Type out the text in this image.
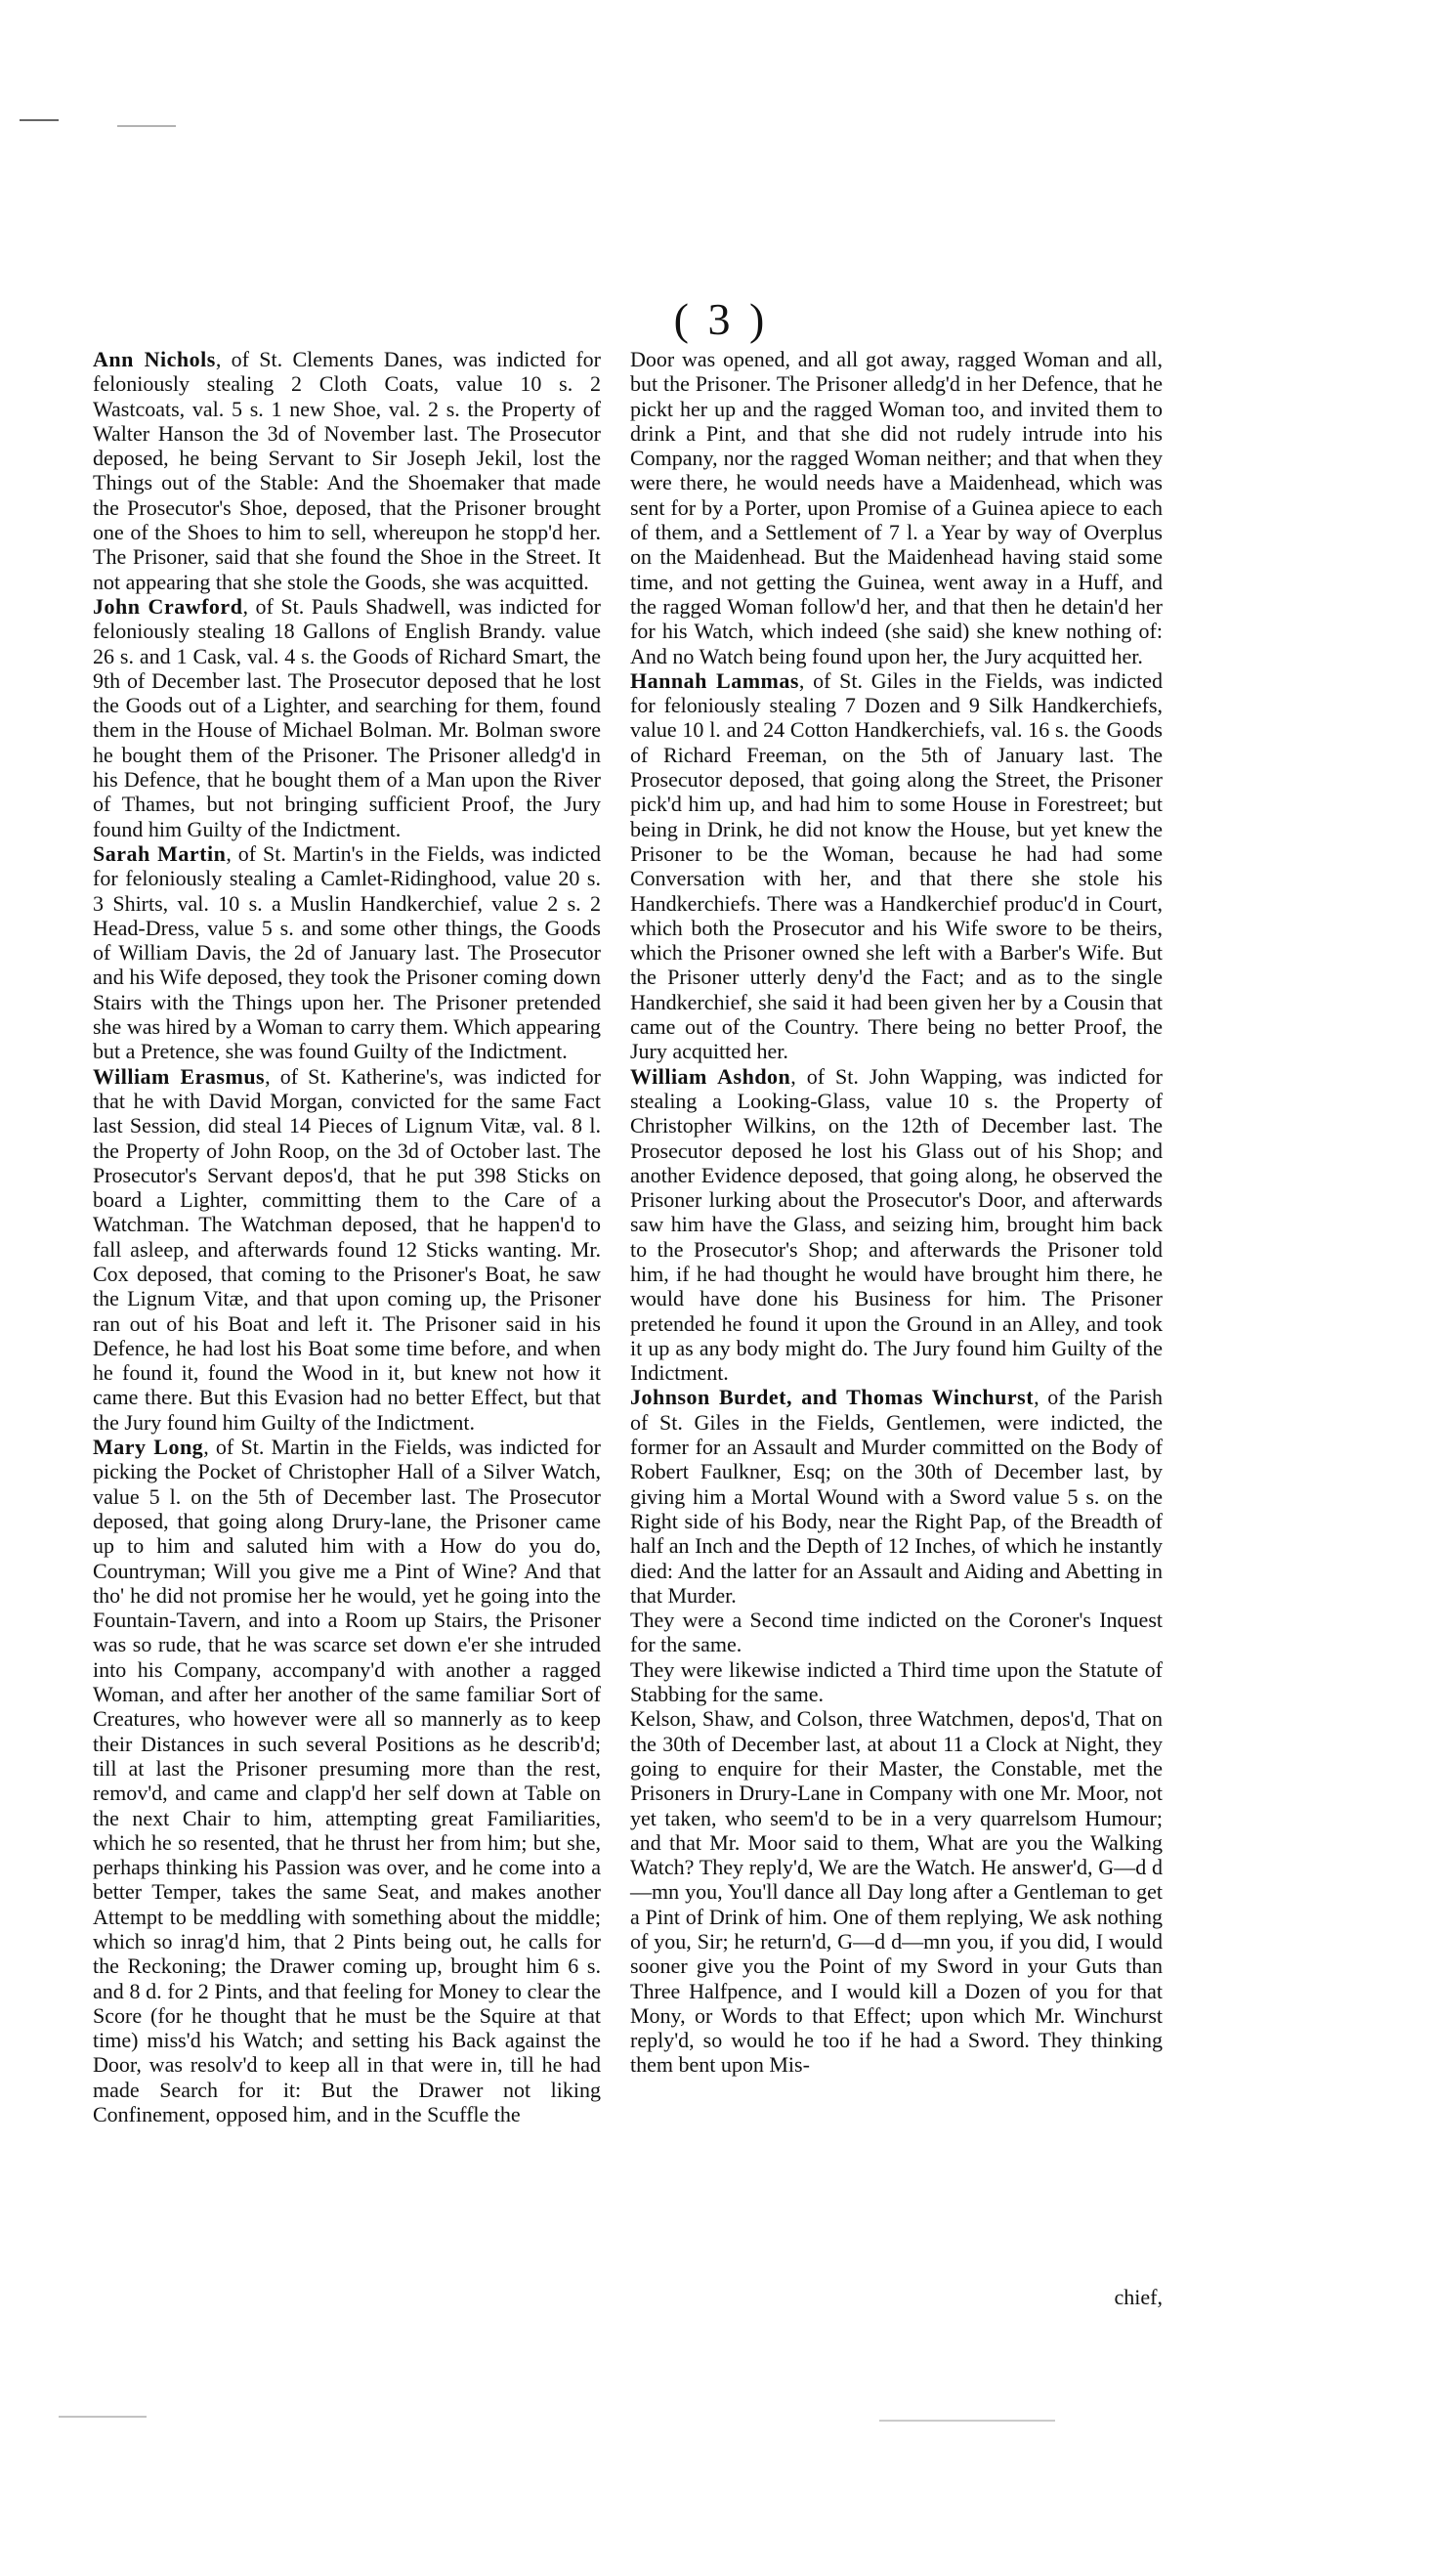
( 3 )

Ann Nichols, of St. Clements Danes, was indicted for feloniously stealing 2 Cloth Coats, value 10 s. 2 Wastcoats, val. 5 s. 1 new Shoe, val. 2 s. the Property of Walter Hanson the 3d of November last. The Prosecutor deposed, he being Servant to Sir Joseph Jekil, lost the Things out of the Stable: And the Shoemaker that made the Prosecutor's Shoe, deposed, that the Prisoner brought one of the Shoes to him to sell, whereupon he stopp'd her. The Prisoner, said that she found the Shoe in the Street. It not appearing that she stole the Goods, she was acquitted.

John Crawford, of St. Pauls Shadwell, was indicted for feloniously stealing 18 Gallons of English Brandy. value 26 s. and 1 Cask, val. 4 s. the Goods of Richard Smart, the 9th of December last. The Prosecutor deposed that he lost the Goods out of a Lighter, and searching for them, found them in the House of Michael Bolman. Mr. Bolman swore he bought them of the Prisoner. The Prisoner alledg'd in his Defence, that he bought them of a Man upon the River of Thames, but not bringing sufficient Proof, the Jury found him Guilty of the Indictment.

Sarah Martin, of St. Martin's in the Fields, was indicted for feloniously stealing a Camlet-Ridinghood, value 20 s. 3 Shirts, val. 10 s. a Muslin Handkerchief, value 2 s. 2 Head-Dress, value 5 s. and some other things, the Goods of William Davis, the 2d of January last. The Prosecutor and his Wife deposed, they took the Prisoner coming down Stairs with the Things upon her. The Prisoner pretended she was hired by a Woman to carry them. Which appearing but a Pretence, she was found Guilty of the Indictment.

William Erasmus, of St. Katherine's, was indicted for that he with David Morgan, convicted for the same Fact last Session, did steal 14 Pieces of Lignum Vitæ, val. 8 l. the Property of John Roop, on the 3d of October last. The Prosecutor's Servant depos'd, that he put 398 Sticks on board a Lighter, committing them to the Care of a Watchman. The Watchman deposed, that he happen'd to fall asleep, and afterwards found 12 Sticks wanting. Mr. Cox deposed, that coming to the Prisoner's Boat, he saw the Lignum Vitæ, and that upon coming up, the Prisoner ran out of his Boat and left it. The Prisoner said in his Defence, he had lost his Boat some time before, and when he found it, found the Wood in it, but knew not how it came there. But this Evasion had no better Effect, but that the Jury found him Guilty of the Indictment.

Mary Long, of St. Martin in the Fields, was indicted for picking the Pocket of Christopher Hall of a Silver Watch, value 5 l. on the 5th of December last. The Prosecutor deposed, that going along Drury-lane, the Prisoner came up to him and saluted him with a How do you do, Countryman; Will you give me a Pint of Wine? And that tho' he did not promise her he would, yet he going into the Fountain-Tavern, and into a Room up Stairs, the Prisoner was so rude, that he was scarce set down e'er she intruded into his Company, accompany'd with another a ragged Woman, and after her another of the same familiar Sort of Creatures, who however were all so mannerly as to keep their Distances in such several Positions as he describ'd; till at last the Prisoner presuming more than the rest, remov'd, and came and clapp'd her self down at Table on the next Chair to him, attempting great Familiarities, which he so resented, that he thrust her from him; but she, perhaps thinking his Passion was over, and he come into a better Temper, takes the same Seat, and makes another Attempt to be meddling with something about the middle; which so inrag'd him, that 2 Pints being out, he calls for the Reckoning; the Drawer coming up, brought him 6 s. and 8 d. for 2 Pints, and that feeling for Money to clear the Score (for he thought that he must be the Squire at that time) miss'd his Watch; and setting his Back against the Door, was resolv'd to keep all in that were in, till he had made Search for it: But the Drawer not liking Confinement, opposed him, and in the Scuffle the

Door was opened, and all got away, ragged Woman and all, but the Prisoner. The Prisoner alledg'd in her Defence, that he pickt her up and the ragged Woman too, and invited them to drink a Pint, and that she did not rudely intrude into his Company, nor the ragged Woman neither; and that when they were there, he would needs have a Maidenhead, which was sent for by a Porter, upon Promise of a Guinea apiece to each of them, and a Settlement of 7 l. a Year by way of Overplus on the Maidenhead. But the Maidenhead having staid some time, and not getting the Guinea, went away in a Huff, and the ragged Woman follow'd her, and that then he detain'd her for his Watch, which indeed (she said) she knew nothing of: And no Watch being found upon her, the Jury acquitted her.

Hannah Lammas, of St. Giles in the Fields, was indicted for feloniously stealing 7 Dozen and 9 Silk Handkerchiefs, value 10 l. and 24 Cotton Handkerchiefs, val. 16 s. the Goods of Richard Freeman, on the 5th of January last. The Prosecutor deposed, that going along the Street, the Prisoner pick'd him up, and had him to some House in Forestreet; but being in Drink, he did not know the House, but yet knew the Prisoner to be the Woman, because he had had some Conversation with her, and that there she stole his Handkerchiefs. There was a Handkerchief produc'd in Court, which both the Prosecutor and his Wife swore to be theirs, which the Prisoner owned she left with a Barber's Wife. But the Prisoner utterly deny'd the Fact; and as to the single Handkerchief, she said it had been given her by a Cousin that came out of the Country. There being no better Proof, the Jury acquitted her.

William Ashdon, of St. John Wapping, was indicted for stealing a Looking-Glass, value 10 s. the Property of Christopher Wilkins, on the 12th of December last. The Prosecutor deposed he lost his Glass out of his Shop; and another Evidence deposed, that going along, he observed the Prisoner lurking about the Prosecutor's Door, and afterwards saw him have the Glass, and seizing him, brought him back to the Prosecutor's Shop; and afterwards the Prisoner told him, if he had thought he would have brought him there, he would have done his Business for him. The Prisoner pretended he found it upon the Ground in an Alley, and took it up as any body might do. The Jury found him Guilty of the Indictment.

Johnson Burdet, and Thomas Winchurst, of the Parish of St. Giles in the Fields, Gentlemen, were indicted, the former for an Assault and Murder committed on the Body of Robert Faulkner, Esq; on the 30th of December last, by giving him a Mortal Wound with a Sword value 5 s. on the Right side of his Body, near the Right Pap, of the Breadth of half an Inch and the Depth of 12 Inches, of which he instantly died: And the latter for an Assault and Aiding and Abetting in that Murder.

They were a Second time indicted on the Coroner's Inquest for the same.

They were likewise indicted a Third time upon the Statute of Stabbing for the same.

Kelson, Shaw, and Colson, three Watchmen, depos'd, That on the 30th of December last, at about 11 a Clock at Night, they going to enquire for their Master, the Constable, met the Prisoners in Drury-Lane in Company with one Mr. Moor, not yet taken, who seem'd to be in a very quarrelsom Humour; and that Mr. Moor said to them, What are you the Walking Watch? They reply'd, We are the Watch. He answer'd, G—d d—mn you, You'll dance all Day long after a Gentleman to get a Pint of Drink of him. One of them replying, We ask nothing of you, Sir; he return'd, G—d d—mn you, if you did, I would sooner give you the Point of my Sword in your Guts than Three Halfpence, and I would kill a Dozen of you for that Mony, or Words to that Effect; upon which Mr. Winchurst reply'd, so would he too if he had a Sword. They thinking them bent upon Mis-

chief,
